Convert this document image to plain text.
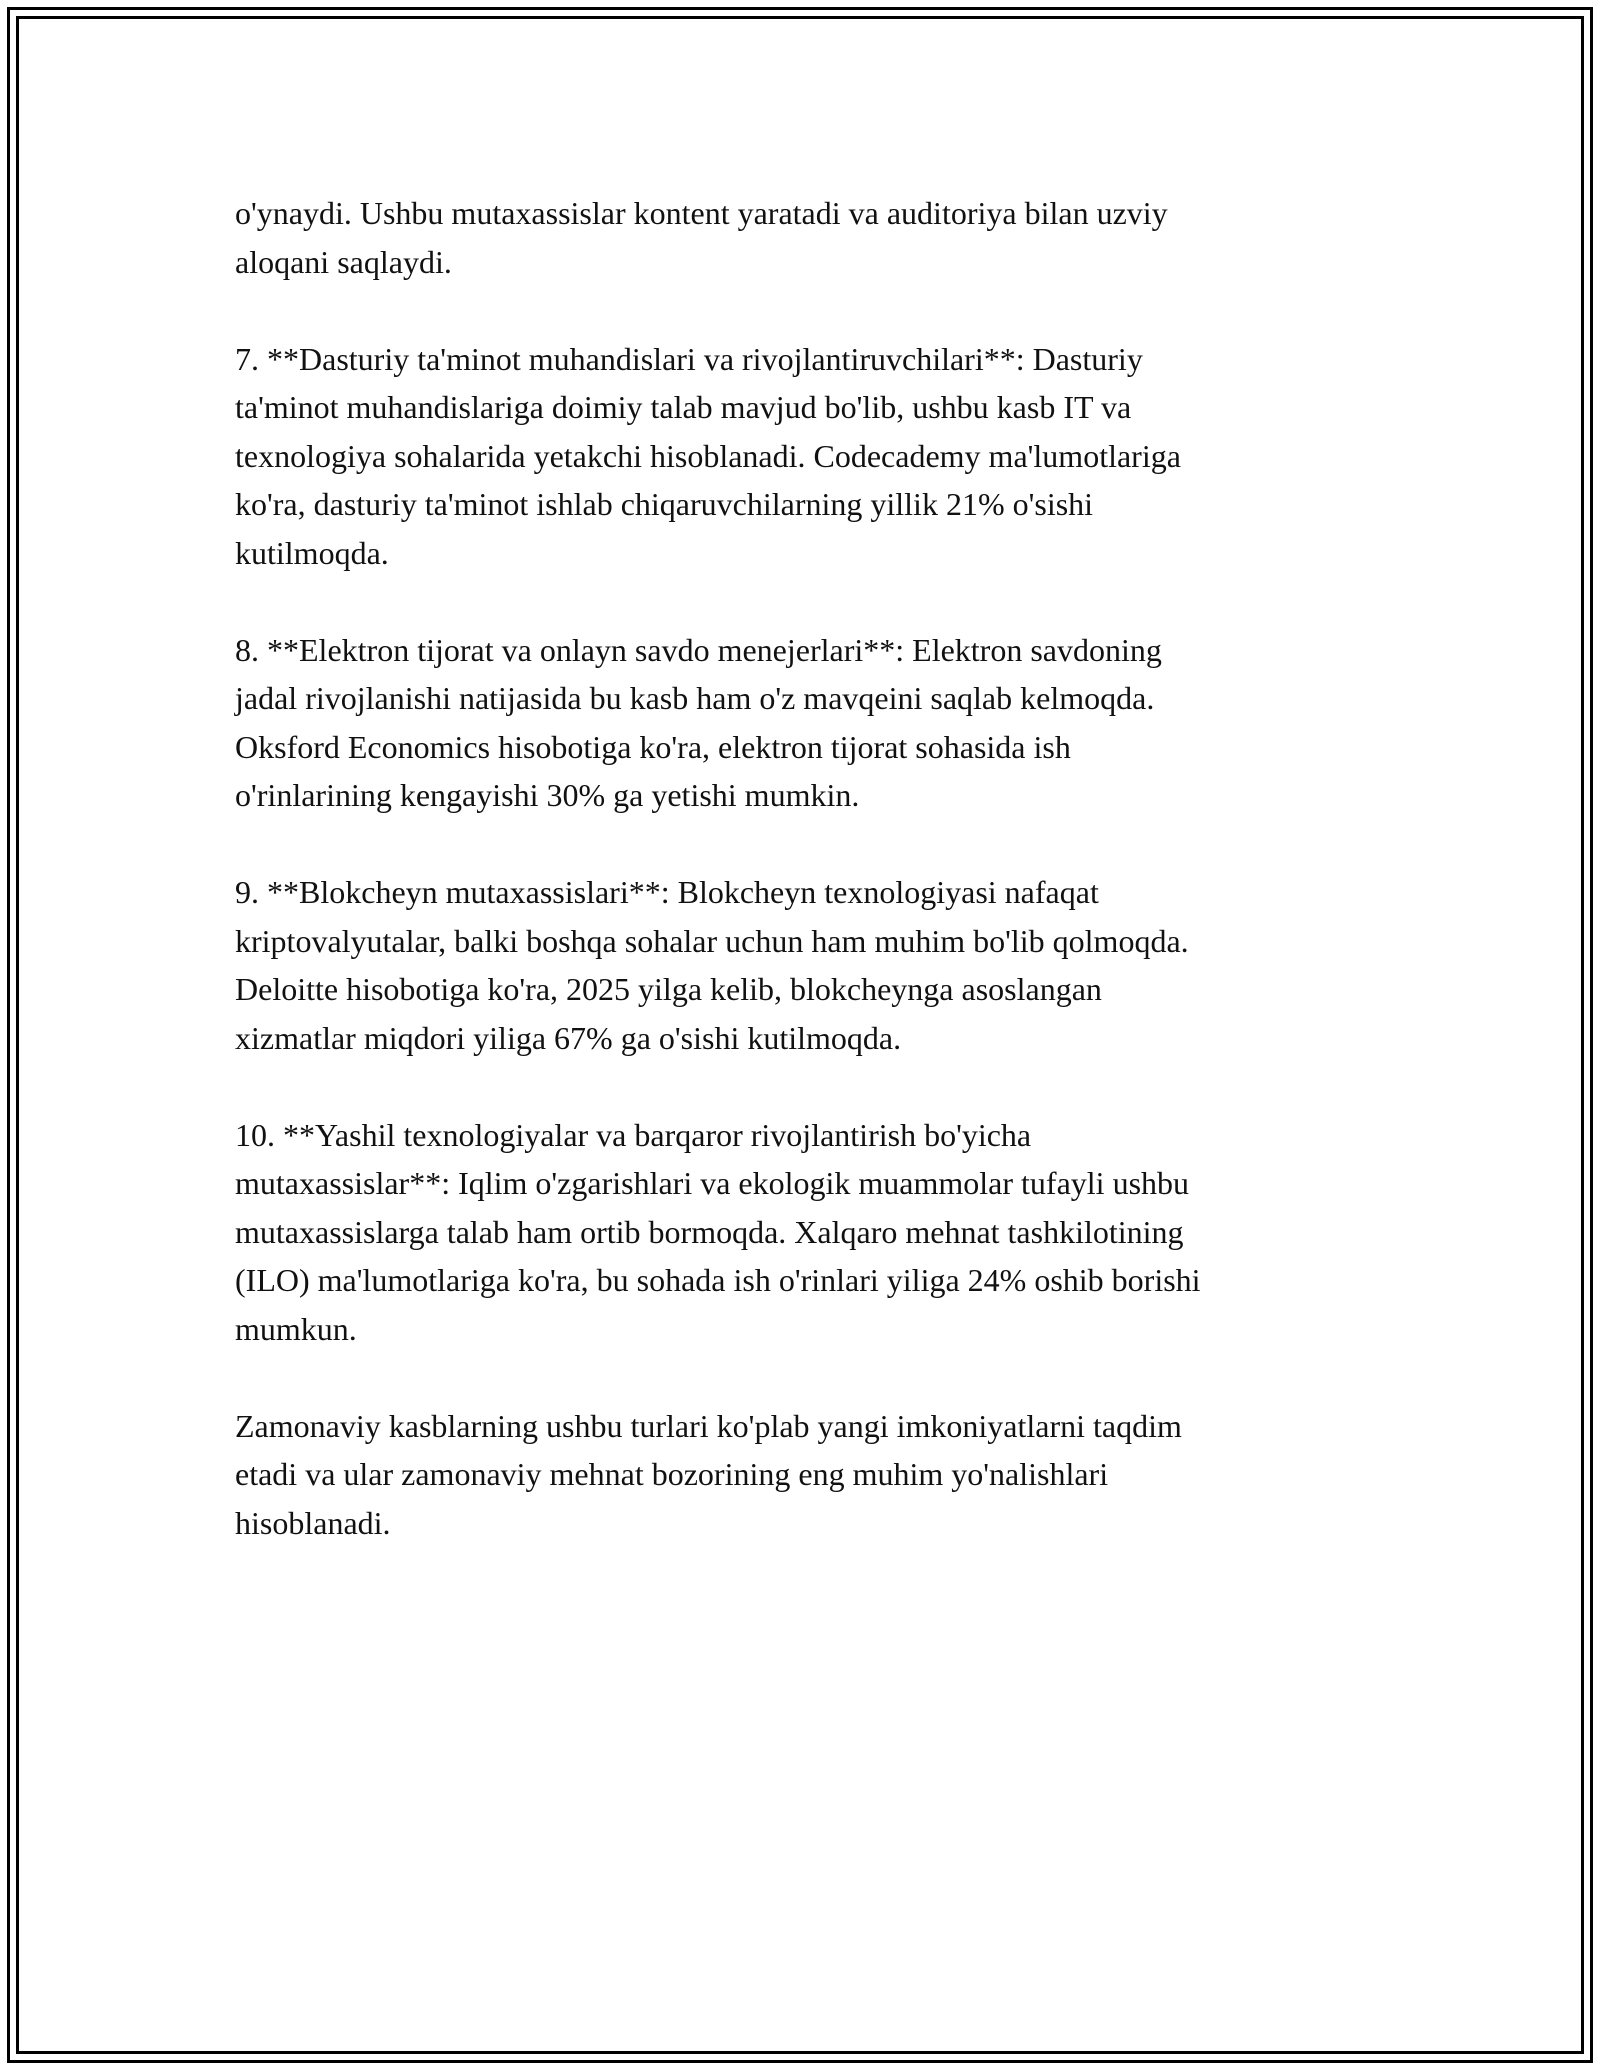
o'ynaydi. Ushbu mutaxassislar kontent yaratadi va auditoriya bilan uzviy
aloqani saqlaydi.

7. **Dasturiy ta'minot muhandislari va rivojlantiruvchilari**: Dasturiy
ta'minot muhandislariga doimiy talab mavjud bo'lib, ushbu kasb IT va
texnologiya sohalarida yetakchi hisoblanadi. Codecademy ma'lumotlariga
ko'ra, dasturiy ta'minot ishlab chiqaruvchilarning yillik 21% o'sishi
kutilmoqda.

8. **Elektron tijorat va onlayn savdo menejerlari**: Elektron savdoning
jadal rivojlanishi natijasida bu kasb ham o'z mavqeini saqlab kelmoqda.
Oksford Economics hisobotiga ko'ra, elektron tijorat sohasida ish
o'rinlarining kengayishi 30% ga yetishi mumkin.

9. **Blokcheyn mutaxassislari**: Blokcheyn texnologiyasi nafaqat
kriptovalyutalar, balki boshqa sohalar uchun ham muhim bo'lib qolmoqda.
Deloitte hisobotiga ko'ra, 2025 yilga kelib, blokcheynga asoslangan
xizmatlar miqdori yiliga 67% ga o'sishi kutilmoqda.

10. **Yashil texnologiyalar va barqaror rivojlantirish bo'yicha
mutaxassislar**: Iqlim o'zgarishlari va ekologik muammolar tufayli ushbu
mutaxassislarga talab ham ortib bormoqda. Xalqaro mehnat tashkilotining
(ILO) ma'lumotlariga ko'ra, bu sohada ish o'rinlari yiliga 24% oshib borishi
mumkun.

Zamonaviy kasblarning ushbu turlari ko'plab yangi imkoniyatlarni taqdim
etadi va ular zamonaviy mehnat bozorining eng muhim yo'nalishlari
hisoblanadi.
